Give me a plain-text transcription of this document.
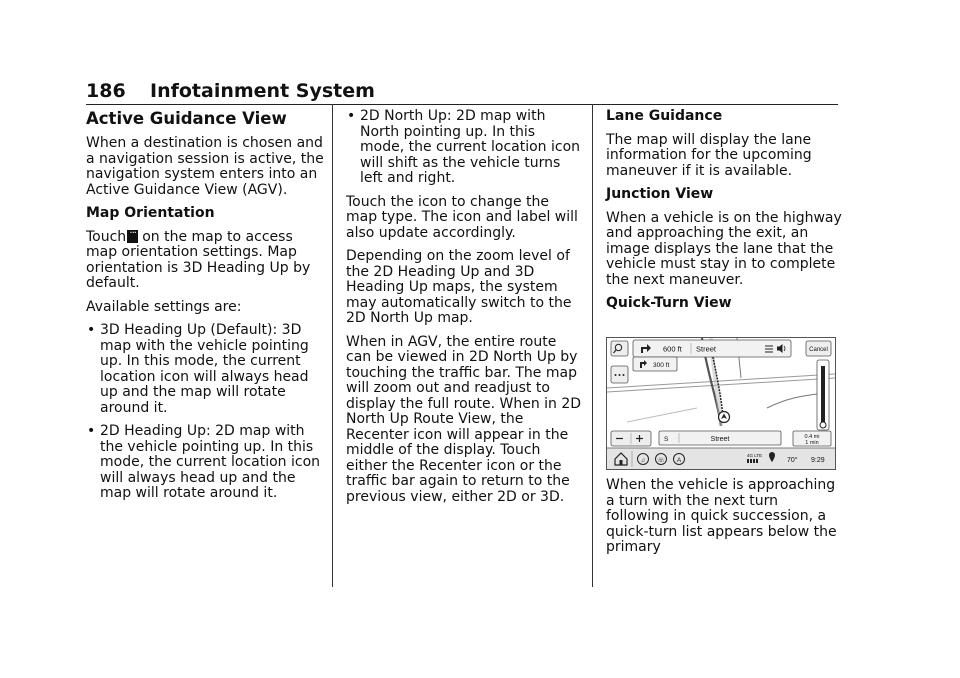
186 Infotainment System
Active Guidance View

When a destination is chosen and a navigation session is active, the navigation system enters into an Active Guidance View (AGV).

Map Orientation

Touch··· on the map to access map orientation settings. Map orientation is 3D Heading Up by default.

Available settings are:

• 3D Heading Up (Default): 3D map with the vehicle pointing up. In this mode, the current location icon will always head up and the map will rotate around it.
• 2D Heading Up: 2D map with the vehicle pointing up. In this mode, the current location icon will always head up and the map will rotate around it.
• 2D North Up: 2D map with North pointing up. In this mode, the current location icon will shift as the vehicle turns left and right.

Touch the icon to change the map type. The icon and label will also update accordingly.

Depending on the zoom level of the 2D Heading Up and 3D Heading Up maps, the system may automatically switch to the 2D North Up map.

When in AGV, the entire route can be viewed in 2D North Up by touching the traffic bar. The map will zoom out and readjust to display the full route. When in 2D North Up Route View, the Recenter icon will appear in the middle of the display. Touch either the Recenter icon or the traffic bar again to return to the previous view, either 2D or 3D.

Lane Guidance

The map will display the lane information for the upcoming maneuver if it is available.

Junction View

When a vehicle is on the highway and approaching the exit, an image displays the lane that the vehicle must stay in to complete the next maneuver.

Quick-Turn View

When the vehicle is approaching a turn with the next turn following in quick succession, a quick-turn list appears below the primary

600 ft Street	Cancel
300 ft
S	Street	0.4 mi
1 min
♫ ☏ A
4G LTE
70° 9:29
